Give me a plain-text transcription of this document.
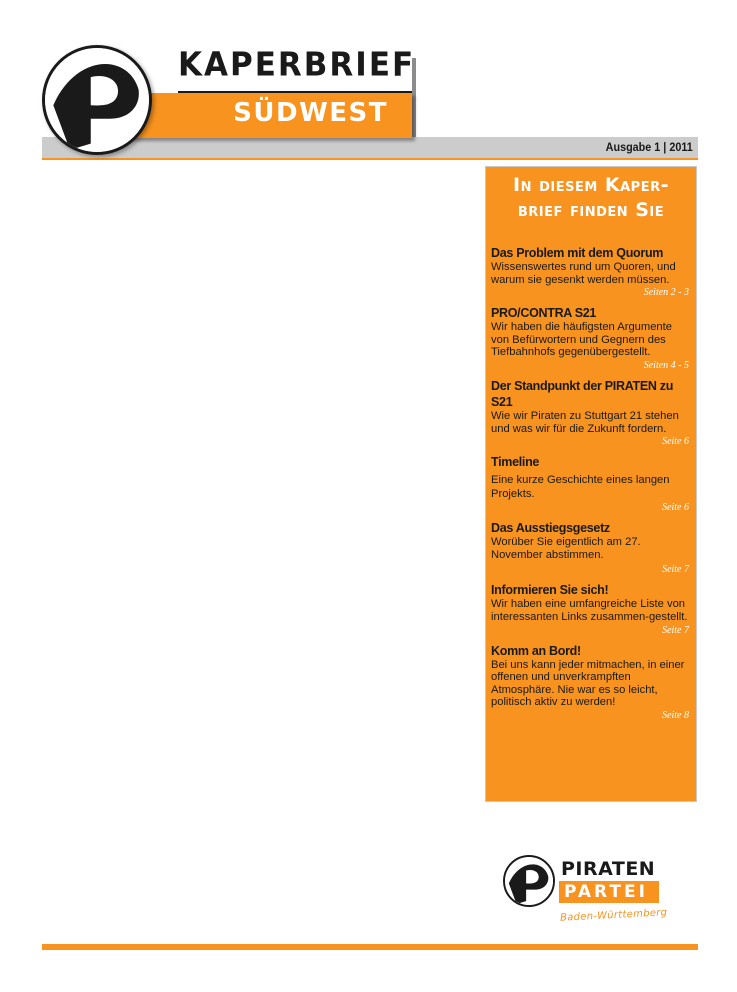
SÜDWEST
KAPERBRIEF
Ausgabe 1 | 2011
In diesem Kaper-
brief finden Sie
Das Problem mit dem Quorum
Wissenswertes rund um Quoren, und warum sie gesenkt werden müssen.
Seiten 2 - 3
PRO/CONTRA S21
Wir haben die häufigsten Argumente von Befürwortern und Gegnern des Tiefbahnhofs gegenübergestellt.
Seiten 4 - 5
Der Standpunkt der PIRATEN zu S21
Wie wir Piraten zu Stuttgart 21 stehen und was wir für die Zukunft fordern.
Seite 6
Timeline
Eine kurze Geschichte eines langen Projekts.
Seite 6
Das Ausstiegsgesetz
Worüber Sie eigentlich am 27. November abstimmen.
Seite 7
Informieren Sie sich!
Wir haben eine umfangreiche Liste von interessanten Links zusammen-gestellt.
Seite 7
Komm an Bord!
Bei uns kann jeder mitmachen, in einer offenen und unverkrampften Atmosphäre. Nie war es so leicht, politisch aktiv zu werden!
Seite 8
PIRATEN
PARTEI
Baden-Württemberg
